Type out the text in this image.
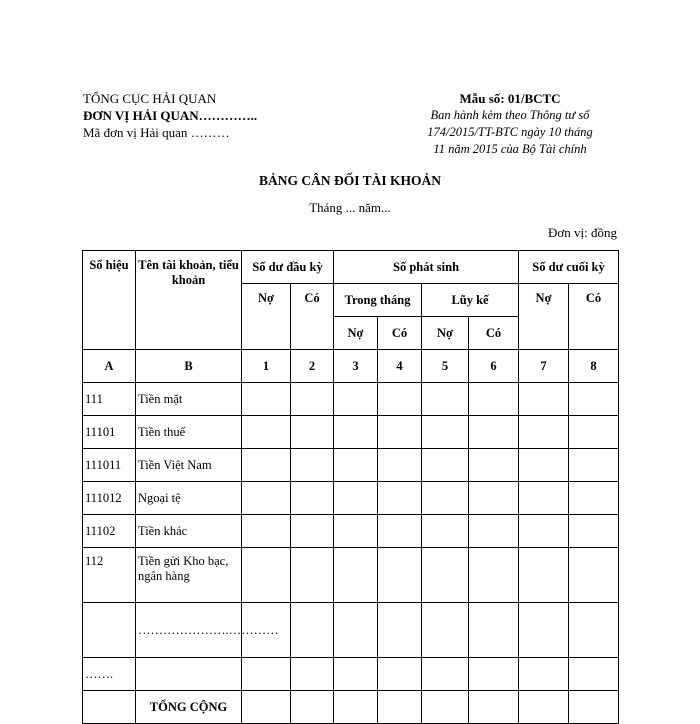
TỔNG CỤC HẢI QUAN
ĐƠN VỊ HẢI QUAN…………..
Mã đơn vị Hải quan ………
Mẫu số: 01/BCTC
Ban hành kèm theo Thông tư số
174/2015/TT-BTC ngày 10 tháng
11 năm 2015 của Bộ Tài chính
BẢNG CÂN ĐỐI TÀI KHOẢN
Tháng ... năm...
Đơn vị: đồng
Số hiệu	Tên tài khoản, tiểu khoản	Số dư đầu kỳ		Số phát sinh				Số dư cuối kỳ	
		Nợ	Có	Trong tháng		Lũy kế		Nợ	Có
				Nợ	Có	Nợ	Có		
A	B	1	2	3	4	5	6	7	8
111	Tiền mặt								
11101	Tiền thuế								
111011	Tiền Việt Nam								
111012	Ngoại tệ								
11102	Tiền khác								
112	Tiền gửi Kho bạc, ngân hàng								
	………………….…………								
…….									
	TỔNG CỘNG								
